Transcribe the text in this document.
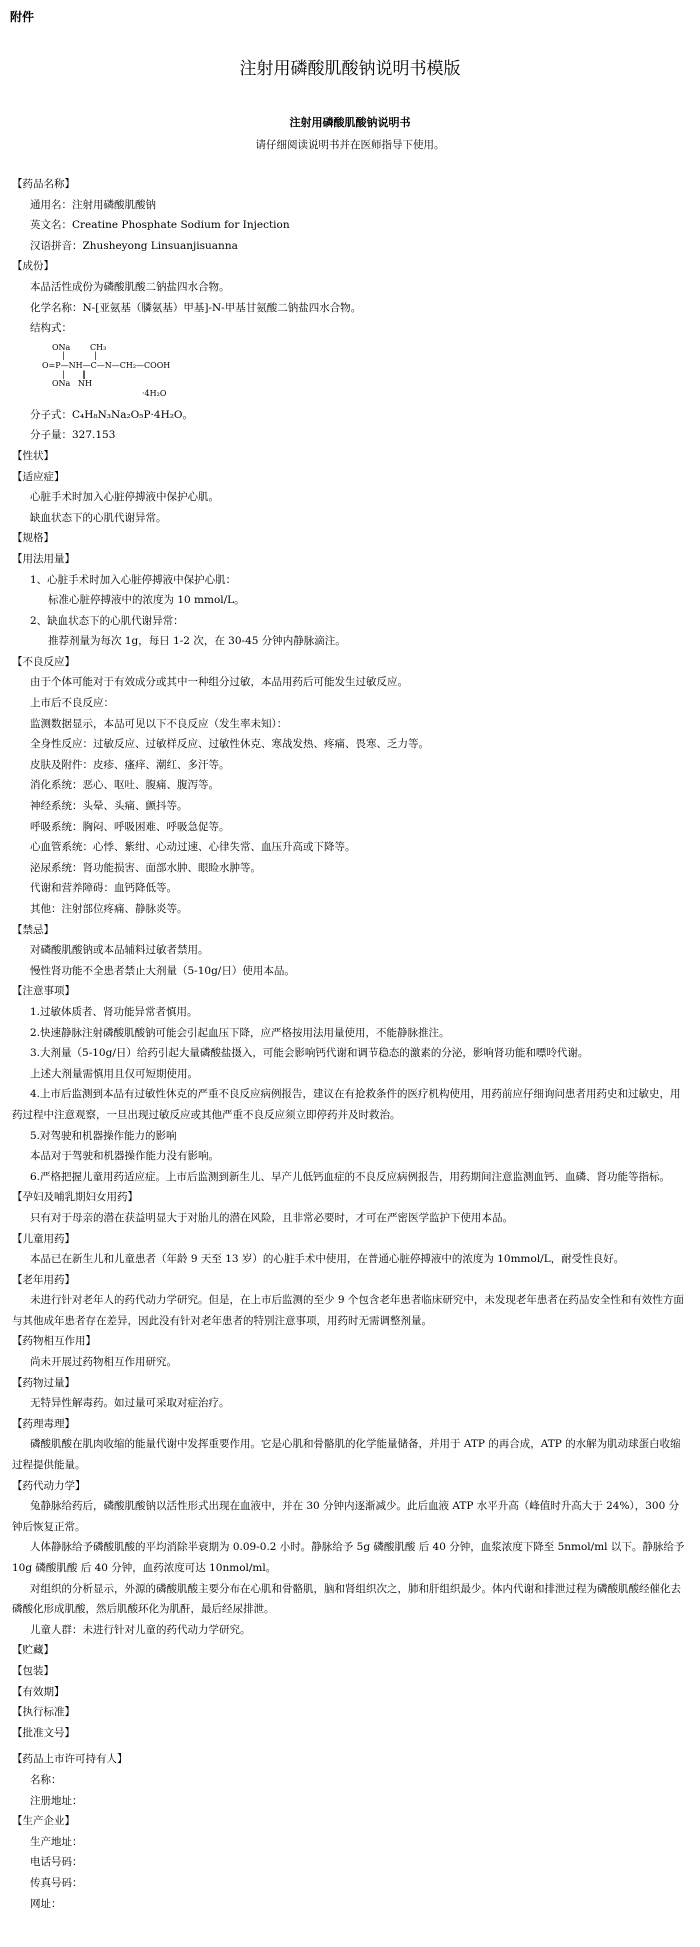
附件
注射用磷酸肌酸钠说明书模版
注射用磷酸肌酸钠说明书
请仔细阅读说明书并在医师指导下使用。
【药品名称】
通用名：注射用磷酸肌酸钠
英文名：Creatine Phosphate Sodium for Injection
汉语拼音：Zhusheyong Linsuanjisuanna
【成份】
本品活性成份为磷酸肌酸二钠盐四水合物。
化学名称：N-[亚氨基（膦氨基）甲基]-N-甲基甘氨酸二钠盐四水合物。
结构式：
ONa CH₃
|	|
O=P—NH—C—N—CH₂—COOH
| ‖
ONa NH
·4H₂O
分子式：C₄H₈N₃Na₂O₅P·4H₂O。
分子量：327.153
【性状】
【适应症】
心脏手术时加入心脏停搏液中保护心肌。
缺血状态下的心肌代谢异常。
【规格】
【用法用量】
1、心脏手术时加入心脏停搏液中保护心肌：
标准心脏停搏液中的浓度为 10 mmol/L。
2、缺血状态下的心肌代谢异常：
推荐剂量为每次 1g，每日 1-2 次，在 30-45 分钟内静脉滴注。
【不良反应】
由于个体可能对于有效成分或其中一种组分过敏，本品用药后可能发生过敏反应。
上市后不良反应：
监测数据显示，本品可见以下不良反应（发生率未知）：
全身性反应：过敏反应、过敏样反应、过敏性休克、寒战发热、疼痛、畏寒、乏力等。
皮肤及附件：皮疹、瘙痒、潮红、多汗等。
消化系统：恶心、呕吐、腹痛、腹泻等。
神经系统：头晕、头痛、颤抖等。
呼吸系统：胸闷、呼吸困难、呼吸急促等。
心血管系统：心悸、紫绀、心动过速、心律失常、血压升高或下降等。
泌尿系统：肾功能损害、面部水肿、眼睑水肿等。
代谢和营养障碍：血钙降低等。
其他：注射部位疼痛、静脉炎等。
【禁忌】
对磷酸肌酸钠或本品辅料过敏者禁用。
慢性肾功能不全患者禁止大剂量（5-10g/日）使用本品。
【注意事项】
1.过敏体质者、肾功能异常者慎用。
2.快速静脉注射磷酸肌酸钠可能会引起血压下降，应严格按用法用量使用，不能静脉推注。
3.大剂量（5-10g/日）给药引起大量磷酸盐摄入，可能会影响钙代谢和调节稳态的激素的分泌，影响肾功能和嘌呤代谢。
上述大剂量需慎用且仅可短期使用。
4.上市后监测到本品有过敏性休克的严重不良反应病例报告，建议在有抢救条件的医疗机构使用，用药前应仔细询问患者用药史和过敏史，用药过程中注意观察，一旦出现过敏反应或其他严重不良反应须立即停药并及时救治。
5.对驾驶和机器操作能力的影响
本品对于驾驶和机器操作能力没有影响。
6.严格把握儿童用药适应症。上市后监测到新生儿、早产儿低钙血症的不良反应病例报告，用药期间注意监测血钙、血磷、肾功能等指标。
【孕妇及哺乳期妇女用药】
只有对于母亲的潜在获益明显大于对胎儿的潜在风险，且非常必要时，才可在严密医学监护下使用本品。
【儿童用药】
本品已在新生儿和儿童患者（年龄 9 天至 13 岁）的心脏手术中使用，在普通心脏停搏液中的浓度为 10mmol/L，耐受性良好。
【老年用药】
未进行针对老年人的药代动力学研究。但是，在上市后监测的至少 9 个包含老年患者临床研究中，未发现老年患者在药品安全性和有效性方面与其他成年患者存在差异，因此没有针对老年患者的特别注意事项，用药时无需调整剂量。
【药物相互作用】
尚未开展过药物相互作用研究。
【药物过量】
无特异性解毒药。如过量可采取对症治疗。
【药理毒理】
磷酸肌酸在肌肉收缩的能量代谢中发挥重要作用。它是心肌和骨骼肌的化学能量储备，并用于 ATP 的再合成，ATP 的水解为肌动球蛋白收缩过程提供能量。
【药代动力学】
兔静脉给药后，磷酸肌酸钠以活性形式出现在血液中，并在 30 分钟内逐渐减少。此后血液 ATP 水平升高（峰值时升高大于 24%），300 分钟后恢复正常。
人体静脉给予磷酸肌酸的平均消除半衰期为 0.09-0.2 小时。静脉给予 5g 磷酸肌酸 后 40 分钟，血浆浓度下降至 5nmol/ml 以下。静脉给予 10g 磷酸肌酸 后 40 分钟，血药浓度可达 10nmol/ml。
对组织的分析显示，外源的磷酸肌酸主要分布在心肌和骨骼肌，脑和肾组织次之，肺和肝组织最少。体内代谢和排泄过程为磷酸肌酸经催化去磷酸化形成肌酸，然后肌酸环化为肌酐，最后经尿排泄。
儿童人群：未进行针对儿童的药代动力学研究。
【贮藏】
【包装】
【有效期】
【执行标准】
【批准文号】
【药品上市许可持有人】
名称：
注册地址：
【生产企业】
生产地址：
电话号码：
传真号码：
网址：
